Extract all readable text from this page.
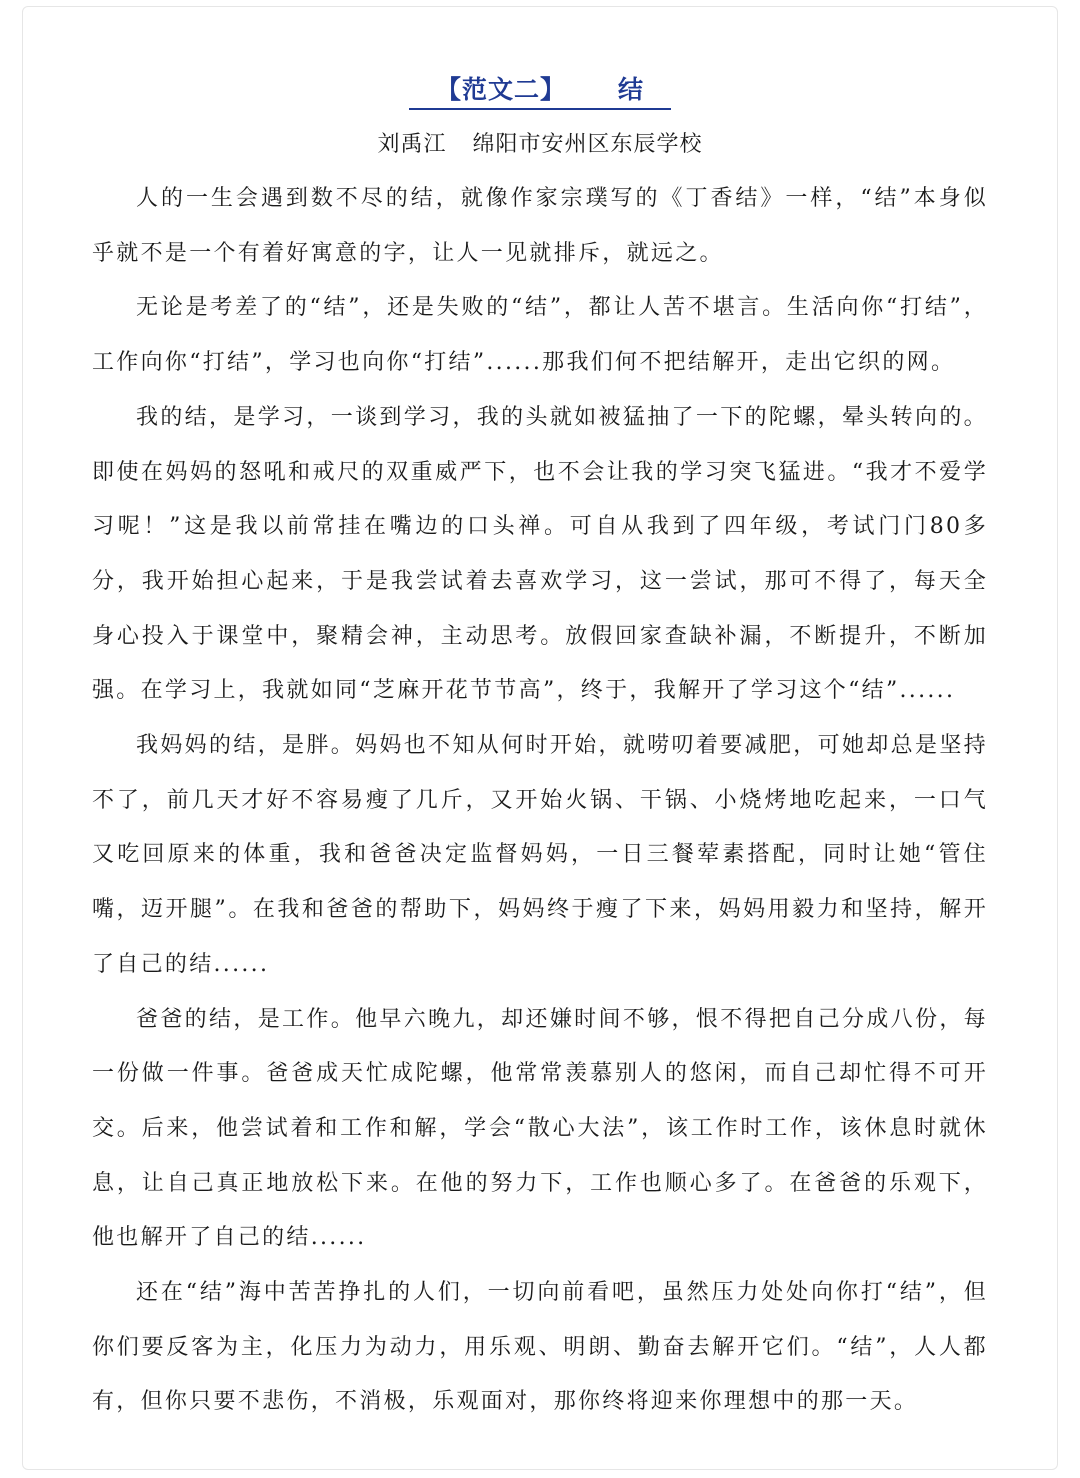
【范文二】 结
刘禹江 绵阳市安州区东辰学校

人的一生会遇到数不尽的结，就像作家宗璞写的《丁香结》一样，“结”本身似乎就不是一个有着好寓意的字，让人一见就排斥，就远之。

无论是考差了的“结”，还是失败的“结”，都让人苦不堪言。生活向你“打结”，工作向你“打结”，学习也向你“打结”......那我们何不把结解开，走出它织的网。

我的结，是学习，一谈到学习，我的头就如被猛抽了一下的陀螺，晕头转向的。即使在妈妈的怒吼和戒尺的双重威严下，也不会让我的学习突飞猛进。“我才不爱学习呢！”这是我以前常挂在嘴边的口头禅。可自从我到了四年级，考试门门80多分，我开始担心起来，于是我尝试着去喜欢学习，这一尝试，那可不得了，每天全身心投入于课堂中，聚精会神，主动思考。放假回家查缺补漏，不断提升，不断加强。在学习上，我就如同“芝麻开花节节高”，终于，我解开了学习这个“结”......

我妈妈的结，是胖。妈妈也不知从何时开始，就唠叨着要减肥，可她却总是坚持不了，前几天才好不容易瘦了几斤，又开始火锅、干锅、小烧烤地吃起来，一口气又吃回原来的体重，我和爸爸决定监督妈妈，一日三餐荤素搭配，同时让她“管住嘴，迈开腿”。在我和爸爸的帮助下，妈妈终于瘦了下来，妈妈用毅力和坚持，解开了自己的结......

爸爸的结，是工作。他早六晚九，却还嫌时间不够，恨不得把自己分成八份，每一份做一件事。爸爸成天忙成陀螺，他常常羡慕别人的悠闲，而自己却忙得不可开交。后来，他尝试着和工作和解，学会“散心大法”，该工作时工作，该休息时就休息，让自己真正地放松下来。在他的努力下，工作也顺心多了。在爸爸的乐观下，他也解开了自己的结......

还在“结”海中苦苦挣扎的人们，一切向前看吧，虽然压力处处向你打“结”，但你们要反客为主，化压力为动力，用乐观、明朗、勤奋去解开它们。“结”，人人都有，但你只要不悲伤，不消极，乐观面对，那你终将迎来你理想中的那一天。
